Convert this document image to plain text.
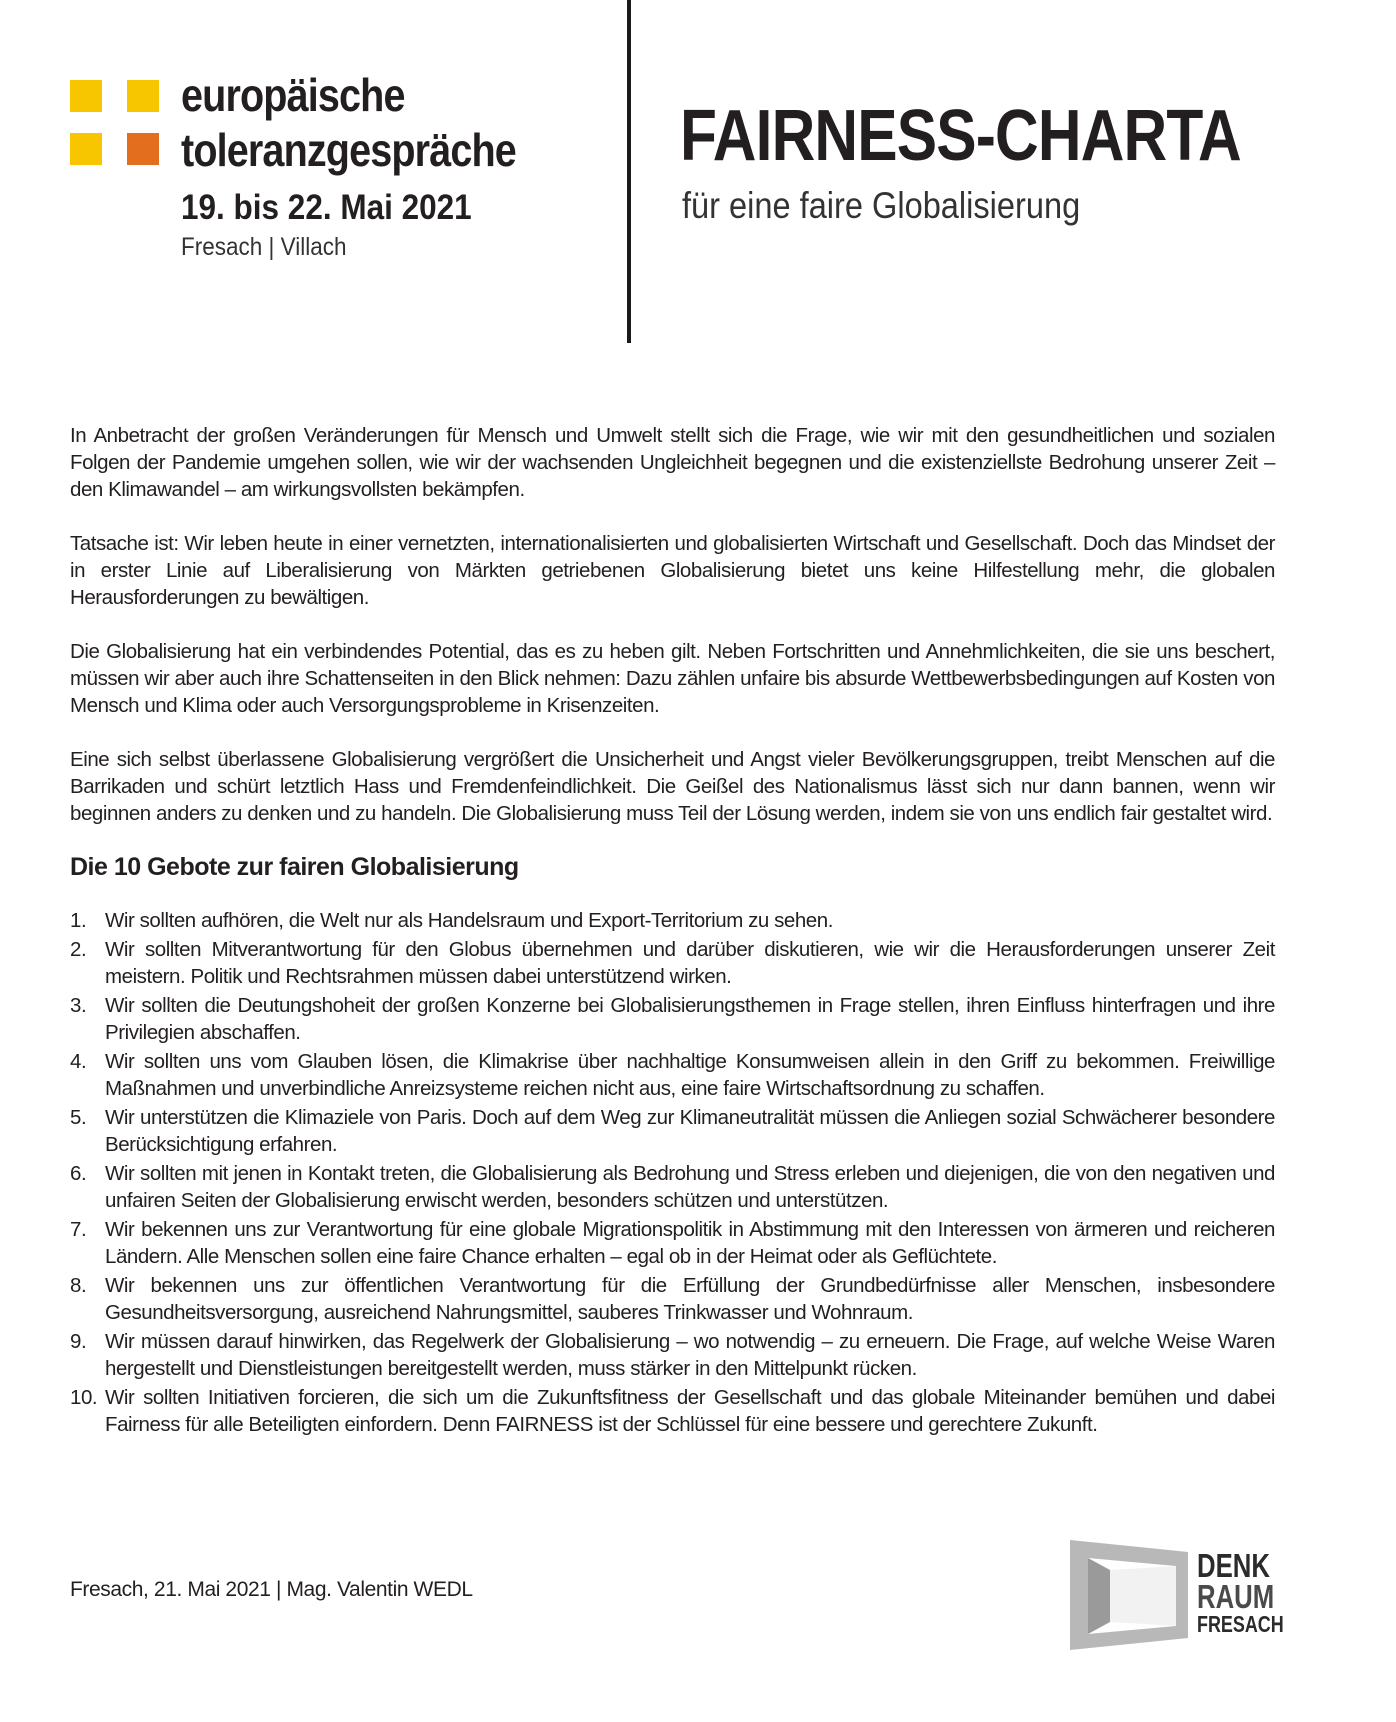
europäische
toleranzgespräche
19. bis 22. Mai 2021
Fresach | Villach
FAIRNESS-CHARTA
für eine faire Globalisierung

In Anbetracht der großen Veränderungen für Mensch und Umwelt stellt sich die Frage, wie wir mit den gesundheitlichen und sozialen Folgen der Pandemie umgehen sollen, wie wir der wachsenden Ungleichheit begegnen und die existenziellste Bedrohung unserer Zeit – den Klimawandel – am wirkungsvollsten bekämpfen.

Tatsache ist: Wir leben heute in einer vernetzten, internationalisierten und globalisierten Wirtschaft und Gesellschaft. Doch das Mindset der in erster Linie auf Liberalisierung von Märkten getriebenen Globalisierung bietet uns keine Hilfestellung mehr, die globalen Herausforderungen zu bewältigen.

Die Globalisierung hat ein verbindendes Potential, das es zu heben gilt. Neben Fortschritten und Annehmlichkeiten, die sie uns beschert, müssen wir aber auch ihre Schattenseiten in den Blick nehmen: Dazu zählen unfaire bis absurde Wettbewerbsbedingungen auf Kosten von Mensch und Klima oder auch Versorgungsprobleme in Krisenzeiten.

Eine sich selbst überlassene Globalisierung vergrößert die Unsicherheit und Angst vieler Bevölkerungsgruppen, treibt Menschen auf die Barrikaden und schürt letztlich Hass und Fremdenfeindlichkeit. Die Geißel des Nationalismus lässt sich nur dann bannen, wenn wir beginnen anders zu denken und zu handeln. Die Globalisierung muss Teil der Lösung werden, indem sie von uns endlich fair gestaltet wird.

Die 10 Gebote zur fairen Globalisierung
1. Wir sollten aufhören, die Welt nur als Handelsraum und Export-Territorium zu sehen.
2. Wir sollten Mitverantwortung für den Globus übernehmen und darüber diskutieren, wie wir die Herausforderungen unserer Zeit meistern. Politik und Rechtsrahmen müssen dabei unterstützend wirken.
3. Wir sollten die Deutungshoheit der großen Konzerne bei Globalisierungsthemen in Frage stellen, ihren Einfluss hinterfragen und ihre Privilegien abschaffen.
4. Wir sollten uns vom Glauben lösen, die Klimakrise über nachhaltige Konsumweisen allein in den Griff zu bekommen. Freiwillige Maßnahmen und unverbindliche Anreizsysteme reichen nicht aus, eine faire Wirtschaftsordnung zu schaffen.
5. Wir unterstützen die Klimaziele von Paris. Doch auf dem Weg zur Klimaneutralität müssen die Anliegen sozial Schwächerer besondere Berücksichtigung erfahren.
6. Wir sollten mit jenen in Kontakt treten, die Globalisierung als Bedrohung und Stress erleben und diejenigen, die von den negativen und unfairen Seiten der Globalisierung erwischt werden, besonders schützen und unterstützen.
7. Wir bekennen uns zur Verantwortung für eine globale Migrationspolitik in Abstimmung mit den Interessen von ärmeren und reicheren Ländern. Alle Menschen sollen eine faire Chance erhalten – egal ob in der Heimat oder als Geflüchtete.
8. Wir bekennen uns zur öffentlichen Verantwortung für die Erfüllung der Grundbedürfnisse aller Menschen, insbesondere Gesundheitsversorgung, ausreichend Nahrungsmittel, sauberes Trinkwasser und Wohnraum.
9. Wir müssen darauf hinwirken, das Regelwerk der Globalisierung – wo notwendig – zu erneuern. Die Frage, auf welche Weise Waren hergestellt und Dienstleistungen bereitgestellt werden, muss stärker in den Mittelpunkt rücken.
10. Wir sollten Initiativen forcieren, die sich um die Zukunftsfitness der Gesellschaft und das globale Miteinander bemühen und dabei Fairness für alle Beteiligten einfordern. Denn FAIRNESS ist der Schlüssel für eine bessere und gerechtere Zukunft.
Fresach, 21. Mai 2021 | Mag. Valentin WEDL
DENK
RAUM
FRESACH
